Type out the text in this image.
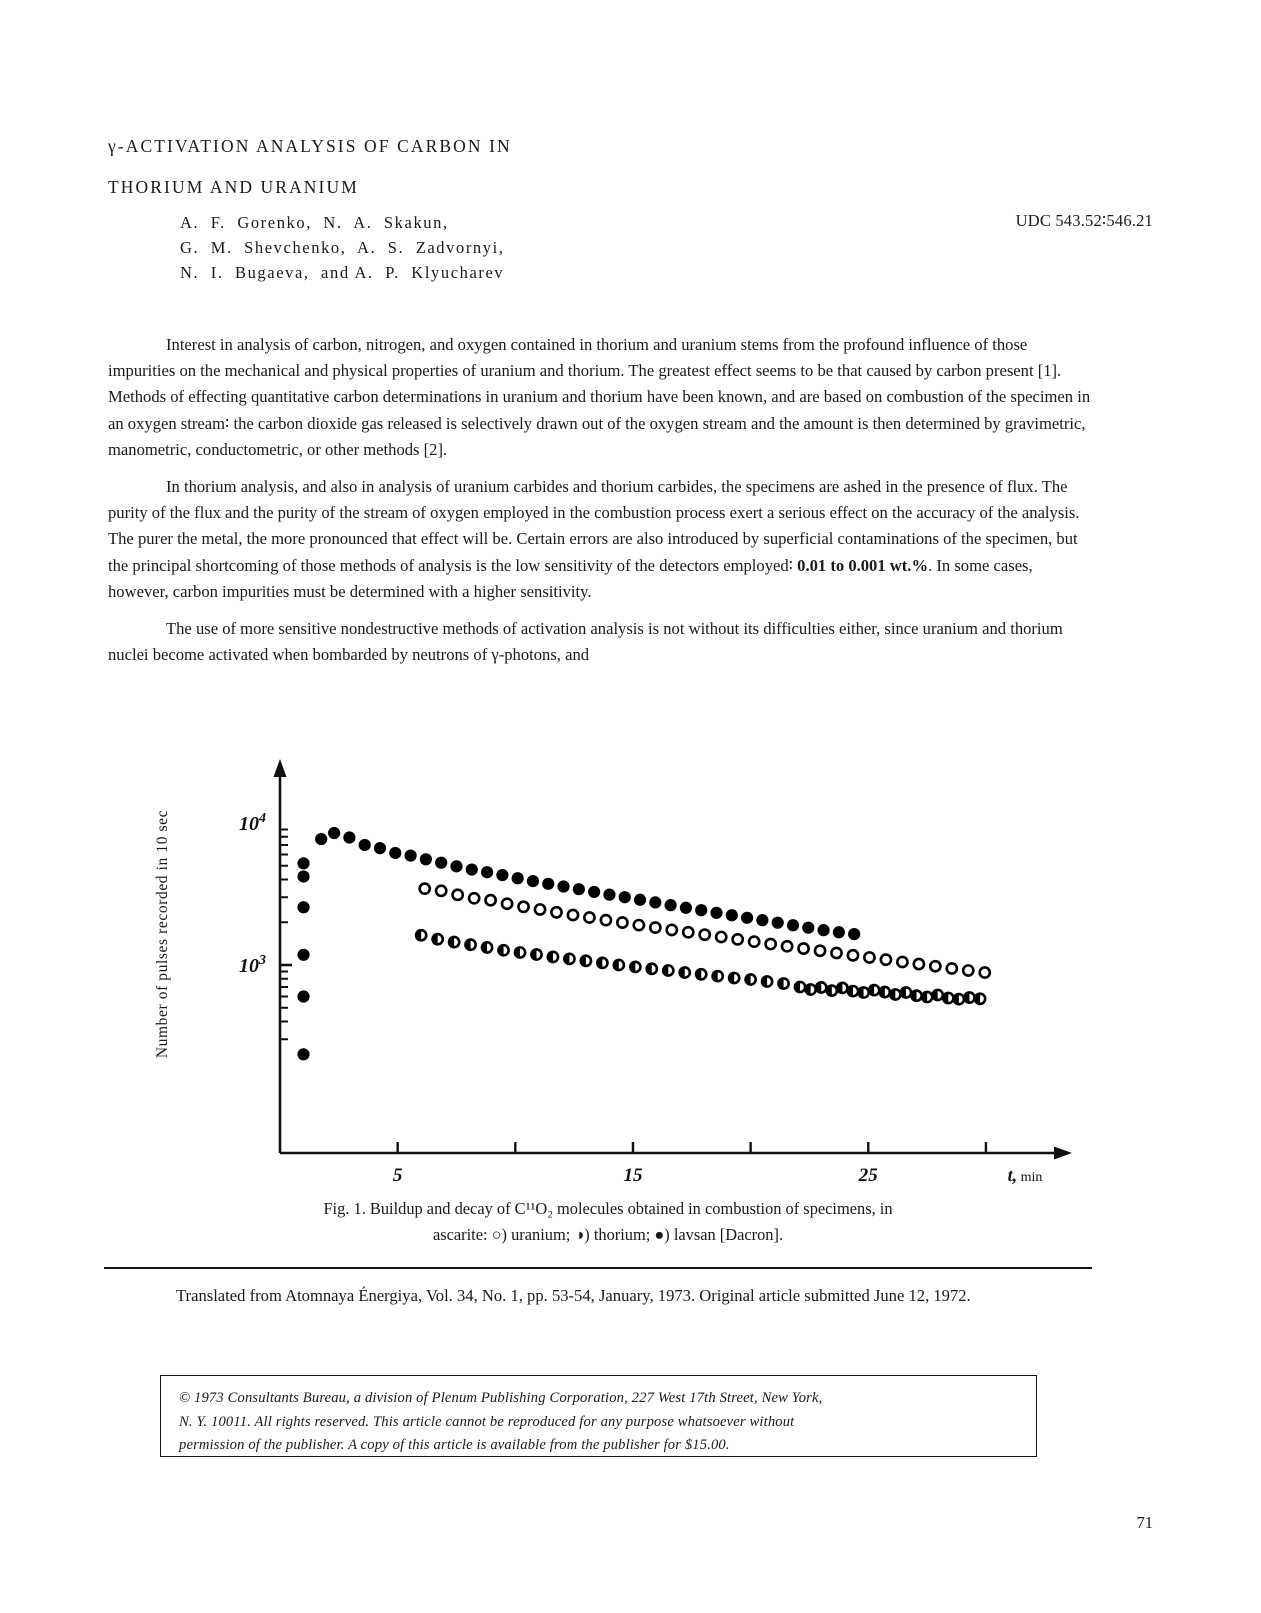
γ-ACTIVATION ANALYSIS OF CARBON IN
THORIUM AND URANIUM
A.  F.  Gorenko,  N.  A.  Skakun,
G.  M.  Shevchenko,  A.  S.  Zadvornyi,
N.  I.  Bugaeva,  and A.  P.  Klyucharev
UDC 543.52∶546.21

Interest in analysis of carbon, nitrogen, and oxygen contained in thorium and uranium stems from the profound influence of those impurities on the mechanical and physical properties of uranium and thorium. The greatest effect seems to be that caused by carbon present [1]. Methods of effecting quantitative carbon determinations in uranium and thorium have been known, and are based on combustion of the specimen in an oxygen stream∶ the carbon dioxide gas released is selectively drawn out of the oxygen stream and the amount is then determined by gravimetric, manometric, conductometric, or other methods [2].

In thorium analysis, and also in analysis of uranium carbides and thorium carbides, the specimens are ashed in the presence of flux. The purity of the flux and the purity of the stream of oxygen employed in the combustion process exert a serious effect on the accuracy of the analysis. The purer the metal, the more pronounced that effect will be. Certain errors are also introduced by superficial contaminations of the specimen, but the principal shortcoming of those methods of analysis is the low sensitivity of the detectors employed∶ 0.01 to 0.001 wt.%. In some cases, however, carbon impurities must be determined with a higher sensitivity.

The use of more sensitive nondestructive methods of activation analysis is not without its difficulties either, since uranium and thorium nuclei become activated when bombarded by neutrons of γ-photons, and

Number of pulses recorded in 10 sec	$10^4$
$10^3$
5	15	25	t, min
Fig. 1. Buildup and decay of C¹¹O₂ molecules obtained in combustion of specimens, in
ascarite: ○) uranium; ◑) thorium; ●) lavsan [Dacron].

Translated from Atomnaya Énergiya, Vol. 34, No. 1, pp. 53-54, January, 1973. Original article submitted June 12, 1972.

© 1973 Consultants Bureau, a division of Plenum Publishing Corporation, 227 West 17th Street, New York,

N. Y. 10011. All rights reserved. This article cannot be reproduced for any purpose whatsoever without

permission of the publisher. A copy of this article is available from the publisher for $15.00.

71
